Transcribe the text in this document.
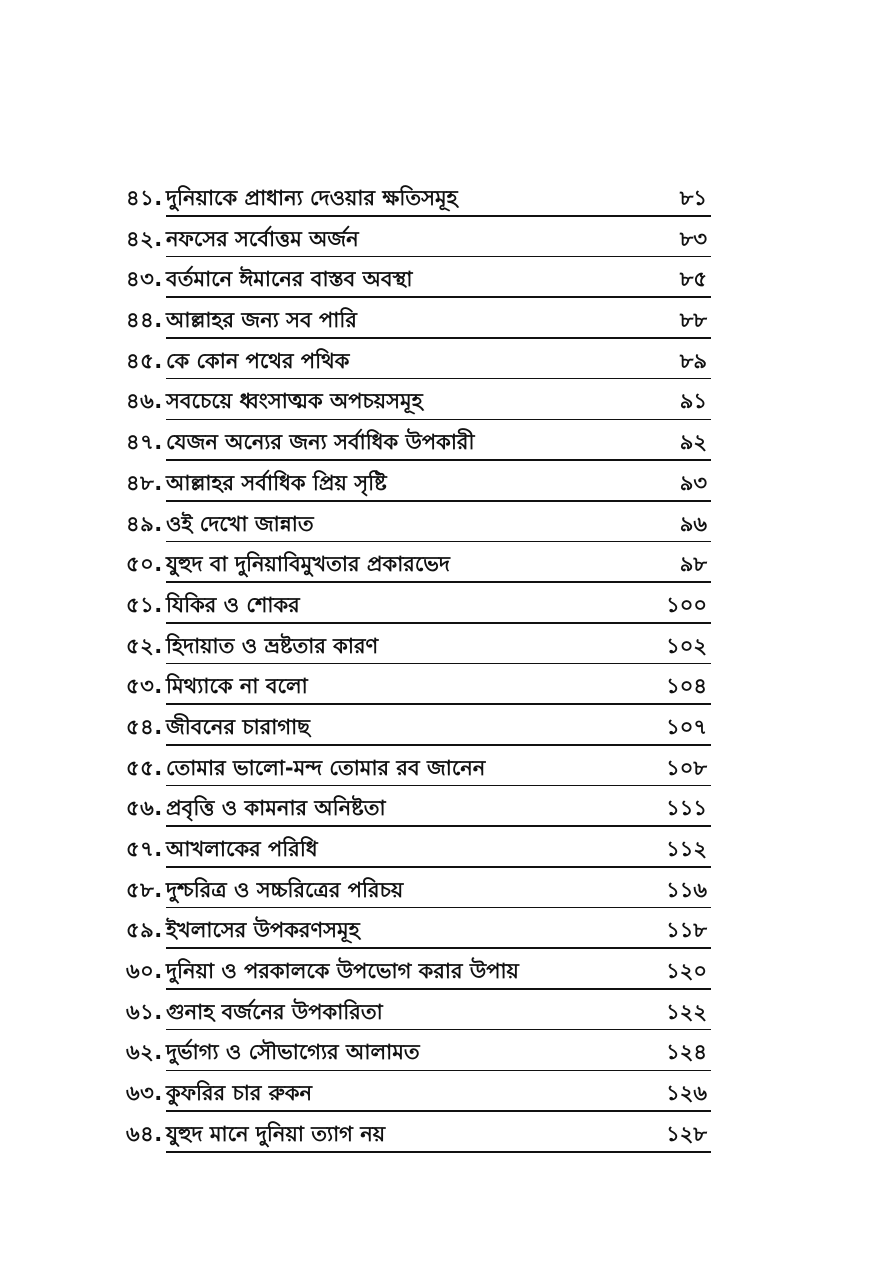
৪১. দুনিয়াকে প্রাধান্য দেওয়ার ক্ষতিসমূহ	৮১
৪২. নফসের সর্বোত্তম অর্জন	৮৩
৪৩. বর্তমানে ঈমানের বাস্তব অবস্থা	৮৫
৪৪. আল্লাহর জন্য সব পারি	৮৮
৪৫. কে কোন পথের পথিক	৮৯
৪৬. সবচেয়ে ধ্বংসাত্মক অপচয়সমূহ	৯১
৪৭. যেজন অন্যের জন্য সর্বাধিক উপকারী	৯২
৪৮. আল্লাহর সর্বাধিক প্রিয় সৃষ্টি	৯৩
৪৯. ওই দেখো জান্নাত	৯৬
৫০. যুহুদ বা দুনিয়াবিমুখতার প্রকারভেদ	৯৮
৫১. যিকির ও শোকর	১০০
৫২. হিদায়াত ও ভ্রষ্টতার কারণ	১০২
৫৩. মিথ্যাকে না বলো	১০৪
৫৪. জীবনের চারাগাছ	১০৭
৫৫. তোমার ভালো-মন্দ তোমার রব জানেন	১০৮
৫৬. প্রবৃত্তি ও কামনার অনিষ্টতা	১১১
৫৭. আখলাকের পরিধি	১১২
৫৮. দুশ্চরিত্র ও সচ্চরিত্রের পরিচয়	১১৬
৫৯. ইখলাসের উপকরণসমূহ	১১৮
৬০. দুনিয়া ও পরকালকে উপভোগ করার উপায়	১২০
৬১. গুনাহ বর্জনের উপকারিতা	১২২
৬২. দুর্ভাগ্য ও সৌভাগ্যের আলামত	১২৪
৬৩. কুফরির চার রুকন	১২৬
৬৪. যুহুদ মানে দুনিয়া ত্যাগ নয়	১২৮
